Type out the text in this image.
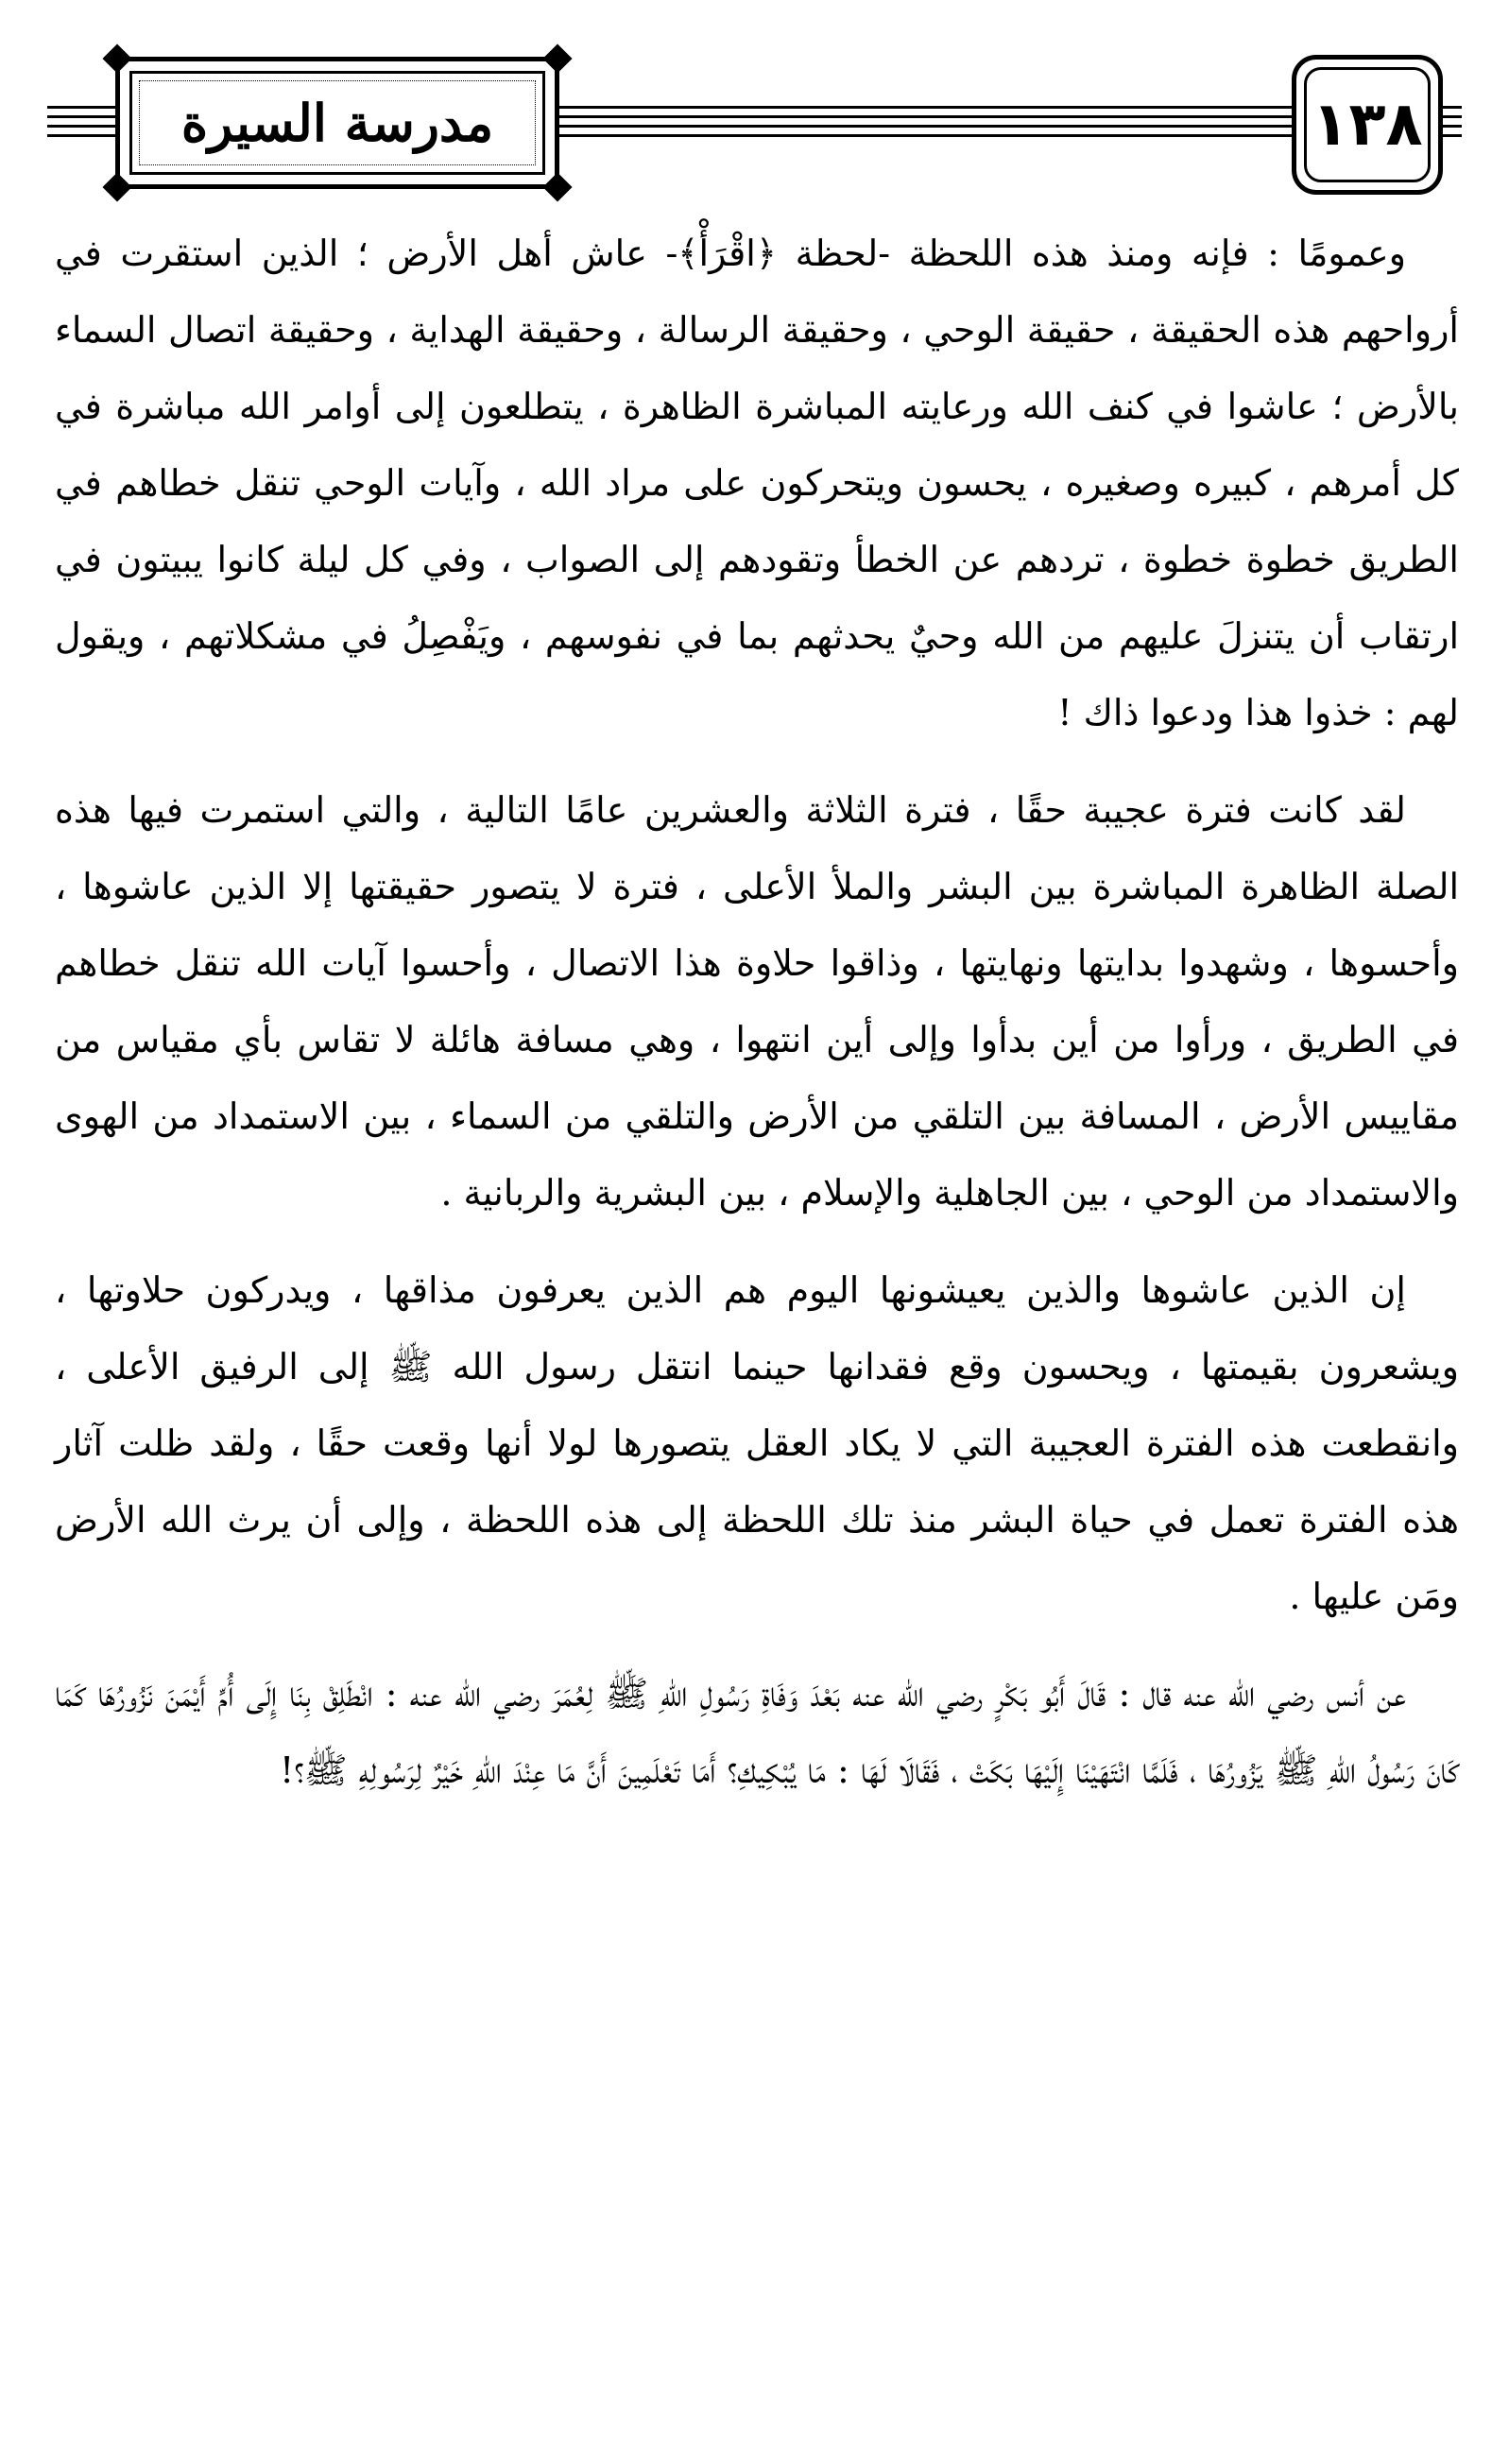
مدرسة السيرة	١٣٨

وعمومًا : فإنه ومنذ هذه اللحظة -لحظة ﴿اقْرَأْ﴾- عاش أهل الأرض ؛ الذين استقرت في أرواحهم هذه الحقيقة ، حقيقة الوحي ، وحقيقة الرسالة ، وحقيقة الهداية ، وحقيقة اتصال السماء بالأرض ؛ عاشوا في كنف الله ورعايته المباشرة الظاهرة ، يتطلعون إلى أوامر الله مباشرة في كل أمرهم ، كبيره وصغيره ، يحسون ويتحركون على مراد الله ، وآيات الوحي تنقل خطاهم في الطريق خطوة خطوة ، تردهم عن الخطأ وتقودهم إلى الصواب ، وفي كل ليلة كانوا يبيتون في ارتقاب أن يتنزلَ عليهم من الله وحيٌ يحدثهم بما في نفوسهم ، ويَفْصِلُ في مشكلاتهم ، ويقول لهم : خذوا هذا ودعوا ذاك !

لقد كانت فترة عجيبة حقًا ، فترة الثلاثة والعشرين عامًا التالية ، والتي استمرت فيها هذه الصلة الظاهرة المباشرة بين البشر والملأ الأعلى ، فترة لا يتصور حقيقتها إلا الذين عاشوها ، وأحسوها ، وشهدوا بدايتها ونهايتها ، وذاقوا حلاوة هذا الاتصال ، وأحسوا آيات الله تنقل خطاهم في الطريق ، ورأوا من أين بدأوا وإلى أين انتهوا ، وهي مسافة هائلة لا تقاس بأي مقياس من مقاييس الأرض ، المسافة بين التلقي من الأرض والتلقي من السماء ، بين الاستمداد من الهوى والاستمداد من الوحي ، بين الجاهلية والإسلام ، بين البشرية والربانية .

إن الذين عاشوها والذين يعيشونها اليوم هم الذين يعرفون مذاقها ، ويدركون حلاوتها ، ويشعرون بقيمتها ، ويحسون وقع فقدانها حينما انتقل رسول الله ﷺ إلى الرفيق الأعلى ، وانقطعت هذه الفترة العجيبة التي لا يكاد العقل يتصورها لولا أنها وقعت حقًا ، ولقد ظلت آثار هذه الفترة تعمل في حياة البشر منذ تلك اللحظة إلى هذه اللحظة ، وإلى أن يرث الله الأرض ومَن عليها .

عن أنس رضي الله عنه قال : قَالَ أَبُو بَكْرٍ رضي الله عنه بَعْدَ وَفَاةِ رَسُولِ اللهِ ﷺ لِعُمَرَ رضي الله عنه : انْطَلِقْ بِنَا إِلَى أُمِّ أَيْمَنَ نَزُورُهَا كَمَا كَانَ رَسُولُ اللهِ ﷺ يَزُورُهَا ، فَلَمَّا انْتَهَيْنَا إِلَيْهَا بَكَتْ ، فَقَالَا لَهَا : مَا يُبْكِيكِ؟ أَمَا تَعْلَمِينَ أَنَّ مَا عِنْدَ اللهِ خَيْرٌ لِرَسُولِهِ ﷺ؟!
